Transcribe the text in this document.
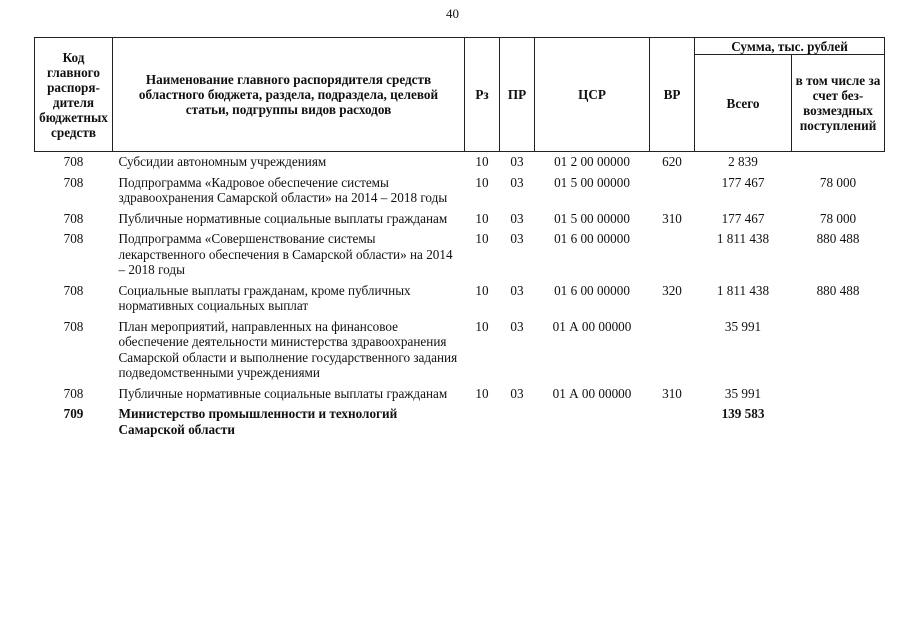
40
Код главного распорядителя бюджетных средств	Наименование главного распорядителя средств областного бюджета, раздела, подраздела, целевой статьи, подгруппы видов расходов	Рз	ПР	ЦСР	ВР	Сумма, тыс. рублей	
						Всего	в том числе за счет безвозмездных поступлений
708	Субсидии автономным учреждениям	10	03	01 2 00 00000	620	2 839	
708	Подпрограмма «Кадровое обеспечение системы здравоохранения Самарской области» на 2014 – 2018 годы	10	03	01 5 00 00000		177 467	78 000
708	Публичные нормативные социальные выплаты гражданам	10	03	01 5 00 00000	310	177 467	78 000
708	Подпрограмма «Совершенствование системы лекарственного обеспечения в Самарской области» на 2014 – 2018 годы	10	03	01 6 00 00000		1 811 438	880 488
708	Социальные выплаты гражданам, кроме публичных нормативных социальных выплат	10	03	01 6 00 00000	320	1 811 438	880 488
708	План мероприятий, направленных на финансовое обеспечение деятельности министерства здравоохранения Самарской области и выполнение государственного задания подведомственными учреждениями	10	03	01 А 00 00000		35 991	
708	Публичные нормативные социальные выплаты гражданам	10	03	01 А 00 00000	310	35 991	
709	Министерство промышленности и технологий Самарской области					139 583	
